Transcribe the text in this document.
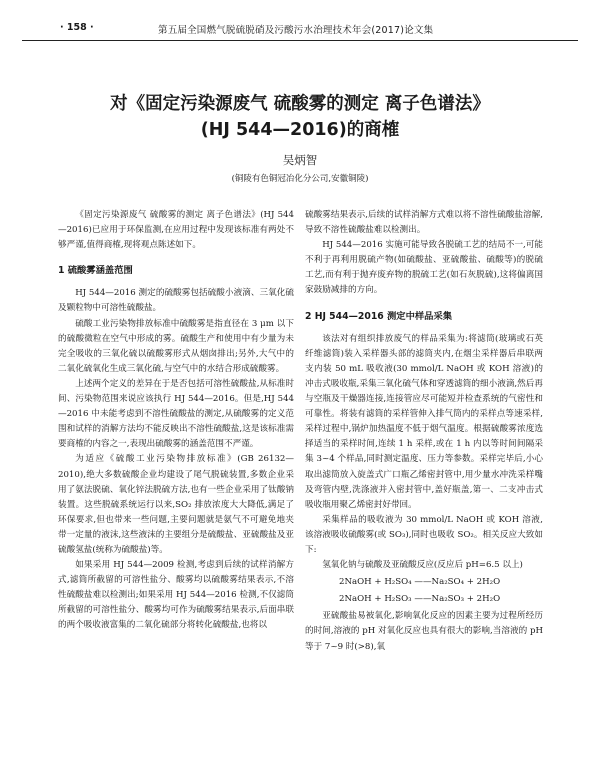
· 158 ·	第五届全国燃气脱硫脱硝及污酸污水治理技术年会(2017)论文集
对《固定污染源废气 硫酸雾的测定 离子色谱法》
(HJ 544—2016)的商榷
吴炳智
(铜陵有色铜冠冶化分公司,安徽铜陵)

《固定污染源废气 硫酸雾的测定 离子色谱法》(HJ 544—2016)已应用于环保监测,在应用过程中发现该标准有两处不够严谨,值得商榷,现将观点陈述如下。

1 硫酸雾涵盖范围

HJ 544—2016 测定的硫酸雾包括硫酸小液滴、三氧化硫及颗粒物中可溶性硫酸盐。

硫酸工业污染物排放标准中硫酸雾是指直径在 3 μm 以下的硫酸微粒在空气中形成的雾。硫酸生产和使用中有少量为未完全吸收的三氧化硫以硫酸雾形式从烟囱排出;另外,大气中的二氧化硫氧化生成三氧化硫,与空气中的水结合形成硫酸雾。

上述两个定义的差异在于是否包括可溶性硫酸盐,从标准时间、污染物范围来说应该执行 HJ 544—2016。但是,HJ 544—2016 中未能考虑到不溶性硫酸盐的测定,从硫酸雾的定义范围和试样的消解方法均不能反映出不溶性硫酸盐,这是该标准需要商榷的内容之一,表现出硫酸雾的涵盖范围不严谨。

为适应《硫酸工业污染物排放标准》(GB 26132—2010),绝大多数硫酸企业均建设了尾气脱硫装置,多数企业采用了氨法脱硫、氧化锌法脱硫方法,也有一些企业采用了钛酸钠装置。这些脱硫系统运行以来,SO₂ 排放浓度大大降低,满足了环保要求,但也带来一些问题,主要问题就是氨气不可避免地夹带一定量的液沫,这些液沫的主要组分是硫酸盐、亚硫酸盐及亚硫酸氢盐(统称为硫酸盐)等。

如果采用 HJ 544—2009 检测,考虑到后续的试样消解方式,滤筒所截留的可溶性盐分、酸雾均以硫酸雾结果表示,不溶性硫酸盐难以检测出;如果采用 HJ 544—2016 检测,不仅滤筒所截留的可溶性盐分、酸雾均可作为硫酸雾结果表示,后面串联的两个吸收液富集的二氧化硫部分将转化硫酸盐,也将以

硫酸雾结果表示,后续的试样消解方式难以将不溶性硫酸盐溶解,导致不溶性硫酸盐难以检测出。

HJ 544—2016 实施可能导致各脱硫工艺的结局不一,可能不利于再利用脱硫产物(如硫酸盐、亚硫酸盐、硫酸等)的脱硫工艺,而有利于抛弃废弃物的脱硫工艺(如石灰脱硫),这将偏离国家鼓励减排的方向。

2 HJ 544—2016 测定中样品采集

该法对有组织排放废气的样品采集为:将滤筒(玻璃或石英纤维滤筒)装入采样器头部的滤筒夹内,在烟尘采样器后串联两支内装 50 mL 吸收液(30 mmol/L NaOH 或 KOH 溶液)的冲击式吸收瓶,采集三氧化硫气体和穿透滤筒的细小液滴,然后再与空瓶及干燥器连接,连接管应尽可能短并检查系统的气密性和可靠性。将装有滤筒的采样管伸入排气筒内的采样点等速采样,采样过程中,锅炉加热温度不低于烟气温度。根据硫酸雾浓度选择适当的采样时间,连续 1 h 采样,或在 1 h 内以等时间间隔采集 3~4 个样品,同时测定温度、压力等参数。采样完毕后,小心取出滤筒放入旋盖式广口瓶乙烯密封管中,用少量水冲洗采样嘴及弯管内壁,洗涤液并入密封管中,盖好瓶盖,第一、二支冲击式吸收瓶用聚乙烯密封好带回。

采集样品的吸收液为 30 mmol/L NaOH 或 KOH 溶液,该溶液吸收硫酸雾(或 SO₃),同时也吸收 SO₂。相关反应大致如下:

氢氧化钠与硫酸及亚硫酸反应(反应后 pH=6.5 以上)

2NaOH + H₂SO₄ ——Na₂SO₄ + 2H₂O

2NaOH + H₂SO₃ ——Na₂SO₃ + 2H₂O

亚硫酸盐易被氧化,影响氧化反应的因素主要为过程所经历的时间,溶液的 pH 对氧化反应也具有很大的影响,当溶液的 pH 等于 7~9 时(>8),氧
